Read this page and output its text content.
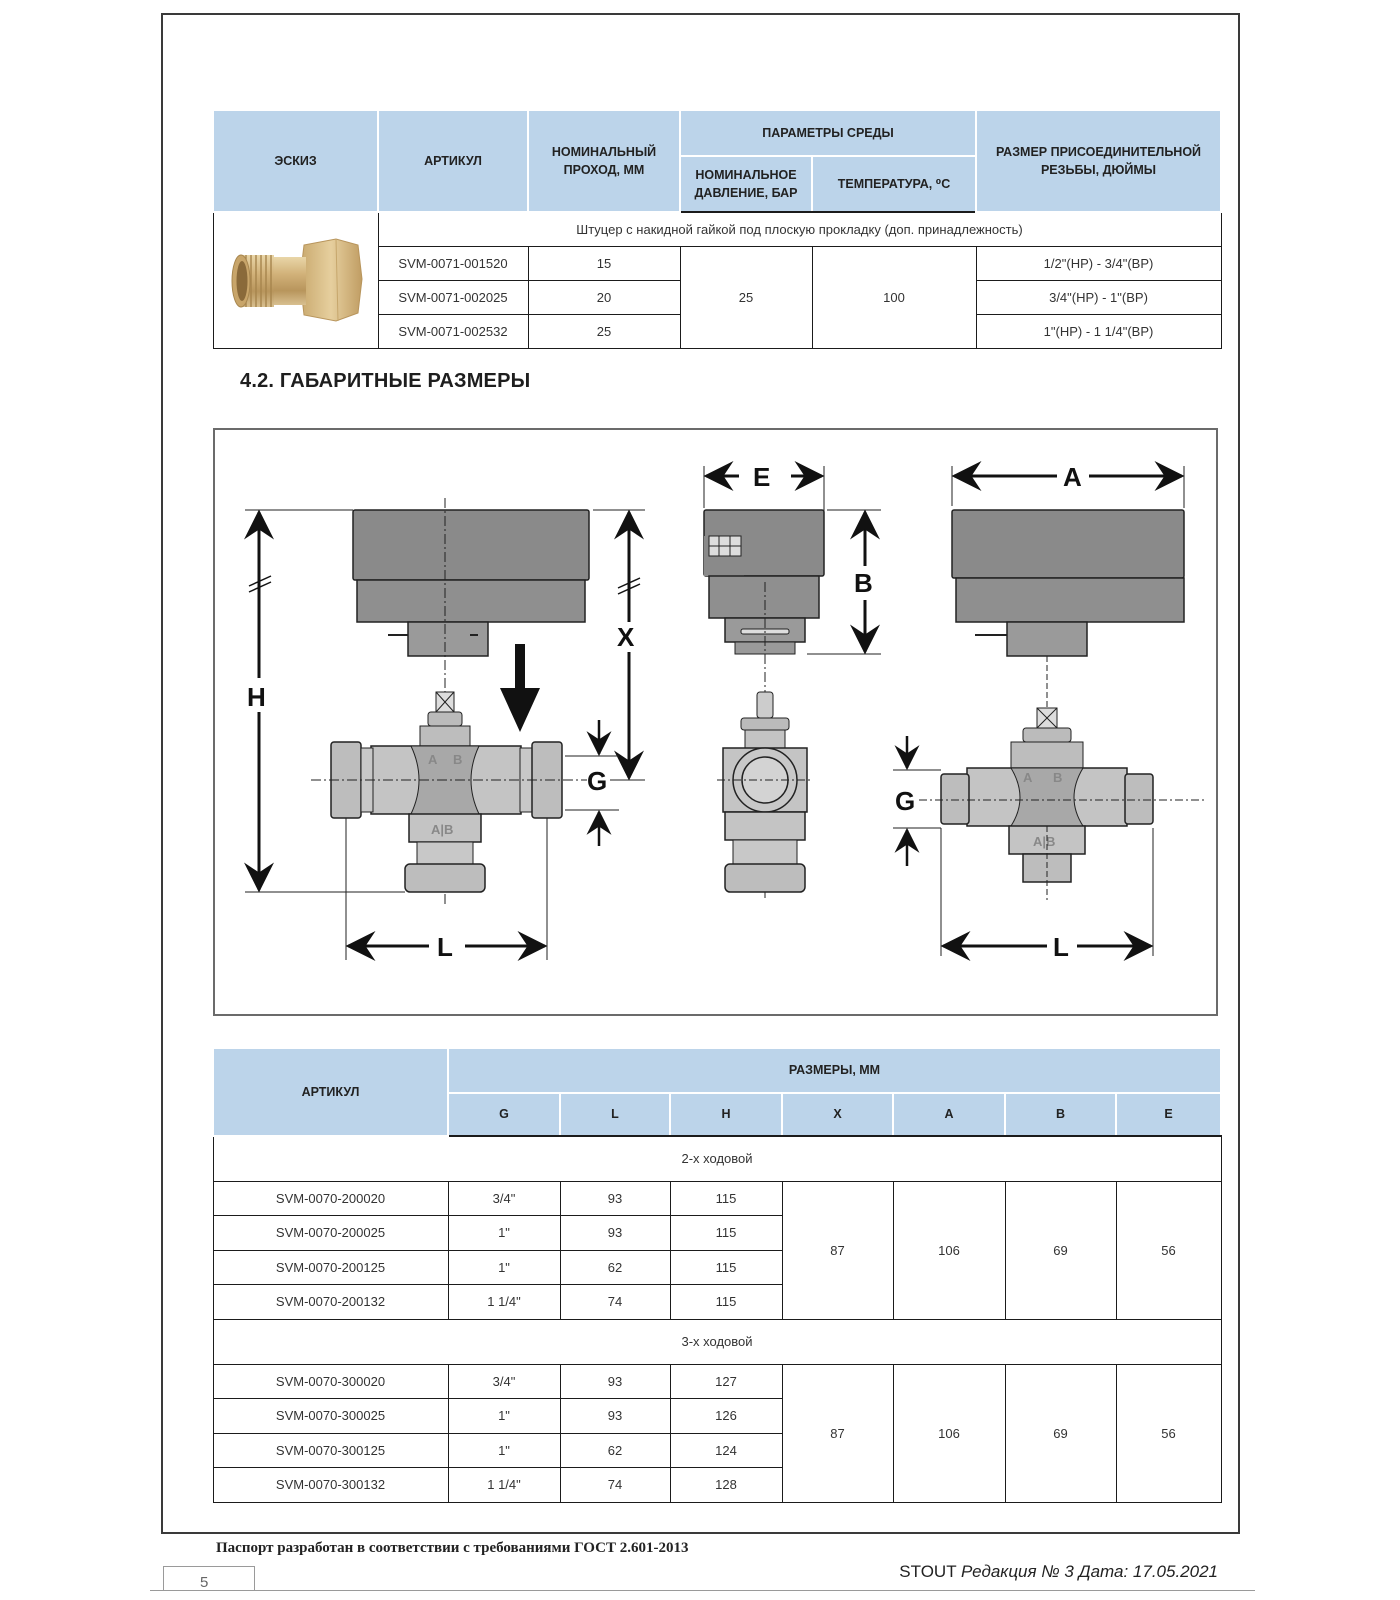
ЭСКИЗ	АРТИКУЛ	НОМИНАЛЬНЫЙ ПРОХОД, ММ	ПАРАМЕТРЫ СРЕДЫ		РАЗМЕР ПРИСОЕДИНИТЕЛЬНОЙ РЕЗЬБЫ, ДЮЙМЫ
			НОМИНАЛЬНОЕ ДАВЛЕНИЕ, БАР	ТЕМПЕРАТУРА, ⁰С	
	Штуцер с накидной гайкой под плоскую прокладку (доп. принадлежность)				
	SVM-0071-001520	15	25	100	1/2"(НР) - 3/4"(ВР)
	SVM-0071-002025	20			3/4"(НР) - 1"(ВР)
	SVM-0071-002532	25			1"(НР) - 1 1/4"(ВР)
4.2. ГАБАРИТНЫЕ РАЗМЕРЫ
A B
A|B
H
X
G
L
E
B
A B
A|B
A
G
L
АРТИКУЛ	РАЗМЕРЫ, ММ						
	G	L	H	X	A	B	E
2-х ходовой							
SVM-0070-200020	3/4"	93	115	87	106	69	56
SVM-0070-200025	1"	93	115				
SVM-0070-200125	1"	62	115				
SVM-0070-200132	1 1/4"	74	115				
3-х ходовой							
SVM-0070-300020	3/4"	93	127	87	106	69	56
SVM-0070-300025	1"	93	126				
SVM-0070-300125	1"	62	124				
SVM-0070-300132	1 1/4"	74	128				
Паспорт разработан в соответствии с требованиями ГОСТ 2.601-2013
5
STOUT Редакция № 3 Дата: 17.05.2021
